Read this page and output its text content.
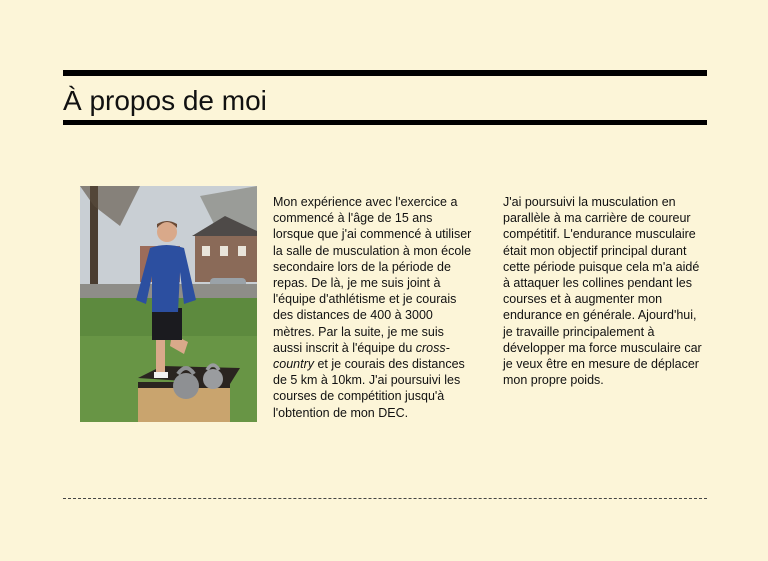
À propos de moi

Mon expérience avec l'exercice a commencé à l'âge de 15 ans lorsque que j'ai commencé à utiliser la salle de musculation à mon école secondaire lors de la période de repas. De là, je me suis joint à l'équipe d'athlétisme et je courais des distances de 400 à 3000 mètres. Par la suite, je me suis aussi inscrit à l'équipe du cross-country et je courais des distances de 5 km à 10km. J'ai poursuivi les courses de compétition jusqu'à l'obtention de mon DEC.

J'ai poursuivi la musculation en parallèle à ma carrière de coureur compétitif. L'endurance musculaire était mon objectif principal durant cette période puisque cela m'a aidé à attaquer les collines pendant les courses et à augmenter mon endurance en générale. Ajourd'hui, je travaille principalement à développer ma force musculaire car je veux être en mesure de déplacer mon propre poids.
